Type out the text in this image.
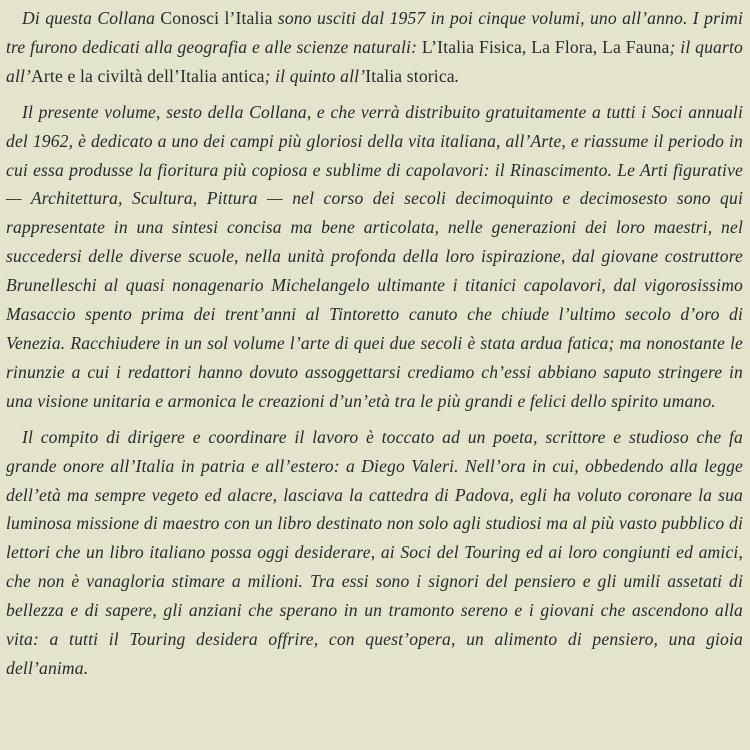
Di questa Collana Conosci l’Italia sono usciti dal 1957 in poi cinque volumi, uno all’anno. I primi tre furono dedicati alla geografia e alle scienze naturali: L’Italia Fisica, La Flora, La Fauna; il quarto all’Arte e la civiltà dell’Italia antica; il quinto all’Italia storica.

Il presente volume, sesto della Collana, e che verrà distribuito gratuitamente a tutti i Soci annuali del 1962, è dedicato a uno dei campi più gloriosi della vita italiana, all’Arte, e riassume il periodo in cui essa produsse la fioritura più copiosa e sublime di capolavori: il Rinascimento. Le Arti figurative — Architettura, Scultura, Pittura — nel corso dei secoli decimoquinto e decimosesto sono qui rappresentate in una sintesi concisa ma bene articolata, nelle generazioni dei loro maestri, nel succedersi delle diverse scuole, nella unità profonda della loro ispirazione, dal giovane costruttore Brunelleschi al quasi nonagenario Michelangelo ultimante i titanici capolavori, dal vigorosissimo Masaccio spento prima dei trent’anni al Tintoretto canuto che chiude l’ultimo secolo d’oro di Venezia. Racchiudere in un sol volume l’arte di quei due secoli è stata ardua fatica; ma nonostante le rinunzie a cui i redattori hanno dovuto assoggettarsi crediamo ch’essi abbiano saputo stringere in una visione unitaria e armonica le creazioni d’un’età tra le più grandi e felici dello spirito umano.

Il compito di dirigere e coordinare il lavoro è toccato ad un poeta, scrittore e studioso che fa grande onore all’Italia in patria e all’estero: a Diego Valeri. Nell’ora in cui, obbedendo alla legge dell’età ma sempre vegeto ed alacre, lasciava la cattedra di Padova, egli ha voluto coronare la sua luminosa missione di maestro con un libro destinato non solo agli studiosi ma al più vasto pubblico di lettori che un libro italiano possa oggi desiderare, ai Soci del Touring ed ai loro congiunti ed amici, che non è vanagloria stimare a milioni. Tra essi sono i signori del pensiero e gli umili assetati di bellezza e di sapere, gli anziani che sperano in un tramonto sereno e i giovani che ascendono alla vita: a tutti il Touring desidera offrire, con quest’opera, un alimento di pensiero, una gioia dell’anima.
